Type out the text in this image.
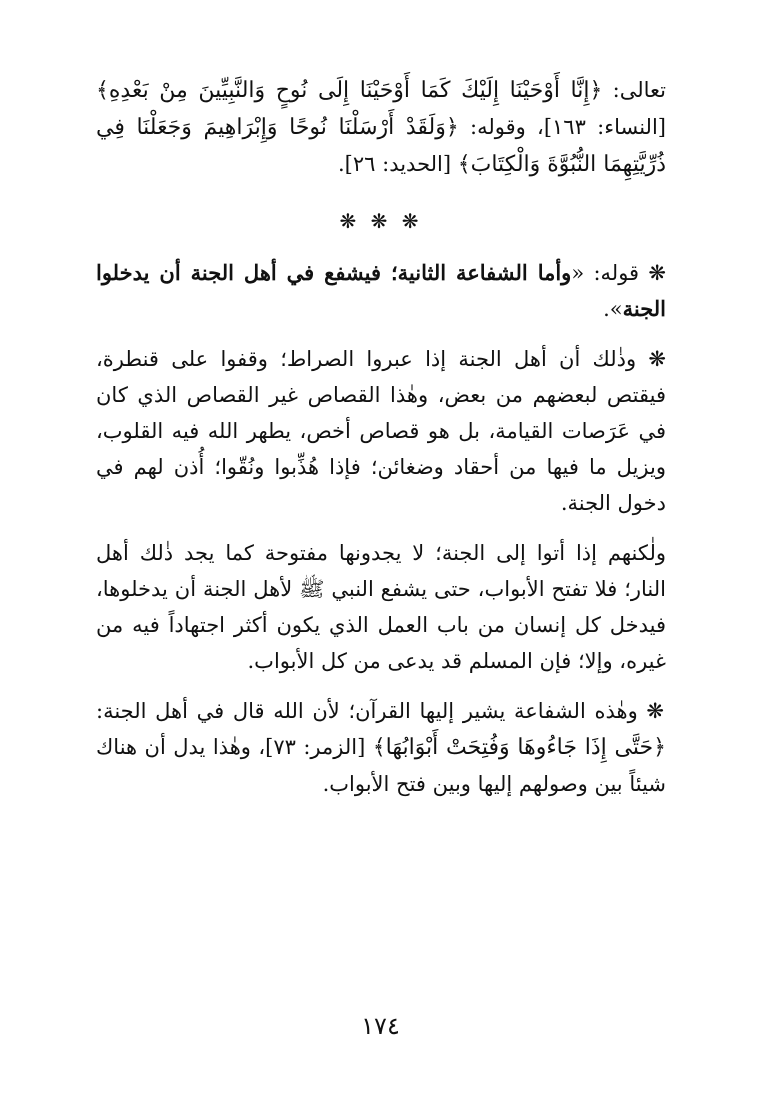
تعالى: ﴿إِنَّا أَوْحَيْنَا إِلَيْكَ كَمَا أَوْحَيْنَا إِلَى نُوحٍ وَالنَّبِيِّينَ مِنْ بَعْدِهِ﴾ [النساء: ١٦٣]، وقوله: ﴿وَلَقَدْ أَرْسَلْنَا نُوحًا وَإِبْرَاهِيمَ وَجَعَلْنَا فِي ذُرِّيَّتِهِمَا النُّبُوَّةَ وَالْكِتَابَ﴾ [الحديد: ٢٦].

❋ ❋ ❋

❋ قوله: «وأما الشفاعة الثانية؛ فيشفع في أهل الجنة أن يدخلوا الجنة».

❋ وذٰلك أن أهل الجنة إذا عبروا الصراط؛ وقفوا على قنطرة، فيقتص لبعضهم من بعض، وهٰذا القصاص غير القصاص الذي كان في عَرَصات القيامة، بل هو قصاص أخص، يطهر الله فيه القلوب، ويزيل ما فيها من أحقاد وضغائن؛ فإذا هُذِّبوا ونُقّوا؛ أُذن لهم في دخول الجنة.

ولٰكنهم إذا أتوا إلى الجنة؛ لا يجدونها مفتوحة كما يجد ذٰلك أهل النار؛ فلا تفتح الأبواب، حتى يشفع النبي ﷺ لأهل الجنة أن يدخلوها، فيدخل كل إنسان من باب العمل الذي يكون أكثر اجتهاداً فيه من غيره، وإلا؛ فإن المسلم قد يدعى من كل الأبواب.

❋ وهٰذه الشفاعة يشير إليها القرآن؛ لأن الله قال في أهل الجنة: ﴿حَتَّى إِذَا جَاءُوهَا وَفُتِحَتْ أَبْوَابُهَا﴾ [الزمر: ٧٣]، وهٰذا يدل أن هناك شيئاً بين وصولهم إليها وبين فتح الأبواب.

١٧٤
